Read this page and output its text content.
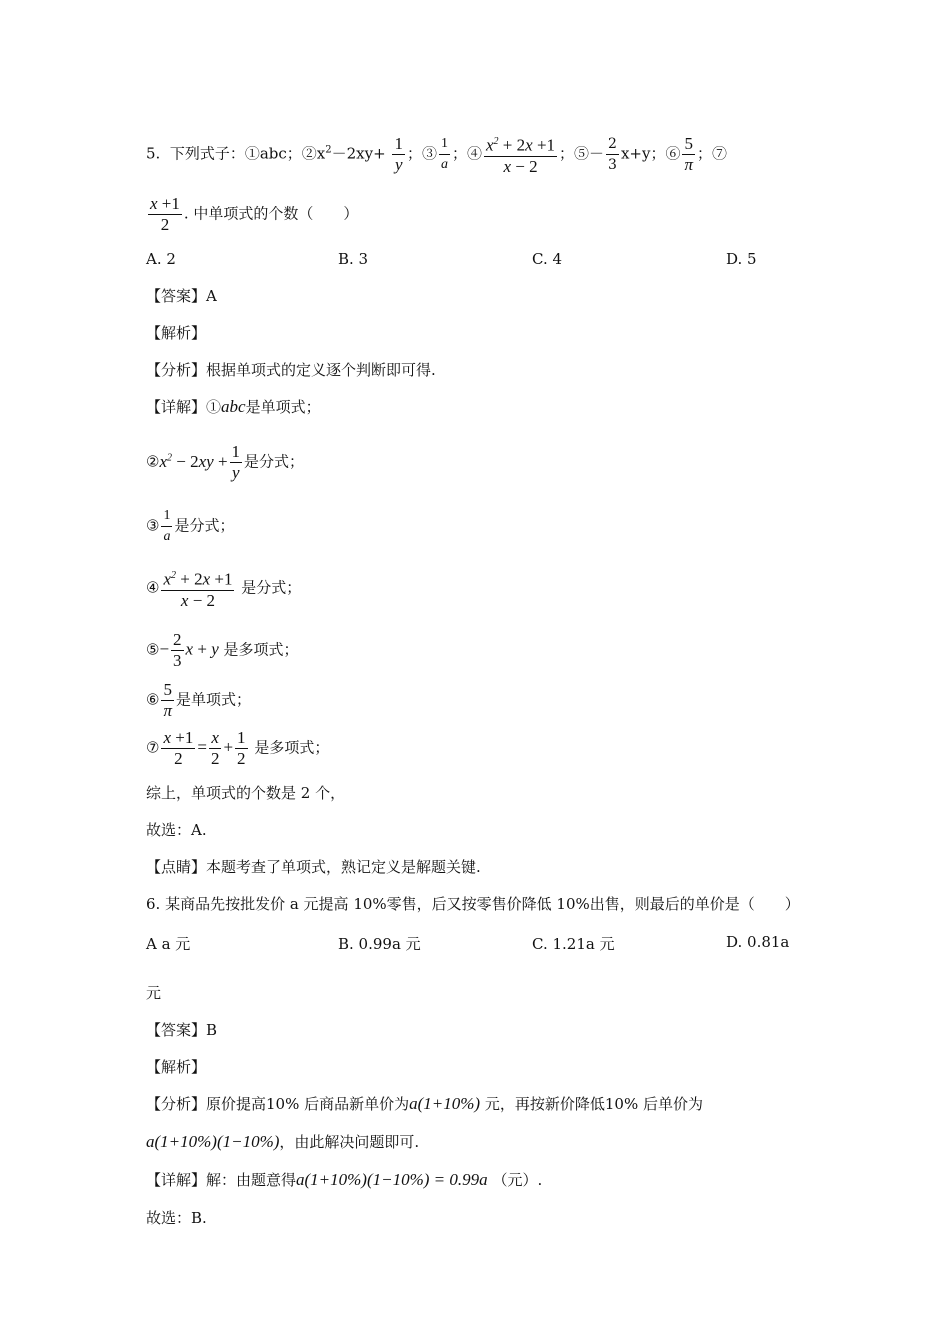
5. 下列式子：①abc；$②x^2-2xy+ \frac{1}{y}$ ；③ $\frac{1}{a}$ ；④ $\frac{x^2 + 2x +1}{x - 2}$ ；⑤－ $\frac{2}{3} x+y$；⑥ $\frac{5}{\pi}$ ；⑦
$\frac{x +1}{2}$ . 中单项式的个数（　　）
A. 2	B. 3	C. 4	D. 5
【答案】A
【解析】
【分析】根据单项式的定义逐个判断即可得.
【详解】①abc是单项式；
$②x^2 - 2xy + \frac{1}{y}$ 是分式；
③ $\frac{1}{a}$ 是分式；
④ $\frac{x^2 + 2x +1}{x - 2}$ 是分式；
⑤− $\frac{2}{3}$ x + y 是多项式；
⑥ $\frac{5}{\pi}$ 是单项式；
⑦ $\frac{x +1}{2} = \frac{x}{2} + \frac{1}{2}$ 是多项式；
综上，单项式的个数是 2 个，
故选：A.
【点睛】本题考查了单项式，熟记定义是解题关键.
6. 某商品先按批发价 a 元提高 10%零售，后又按零售价降低 10%出售，则最后的单价是（　　）
A a 元	B. 0.99a 元	C. 1.21a 元	D. 0.81a
元
【答案】B
【解析】
【分析】原价提高10% 后商品新单价为a(1+10%) 元，再按新价降低10% 后单价为
a(1+10%)(1−10%)，由此解决问题即可.
【详解】解：由题意得a(1+10%)(1−10%) = 0.99a （元）.
故选：B.
